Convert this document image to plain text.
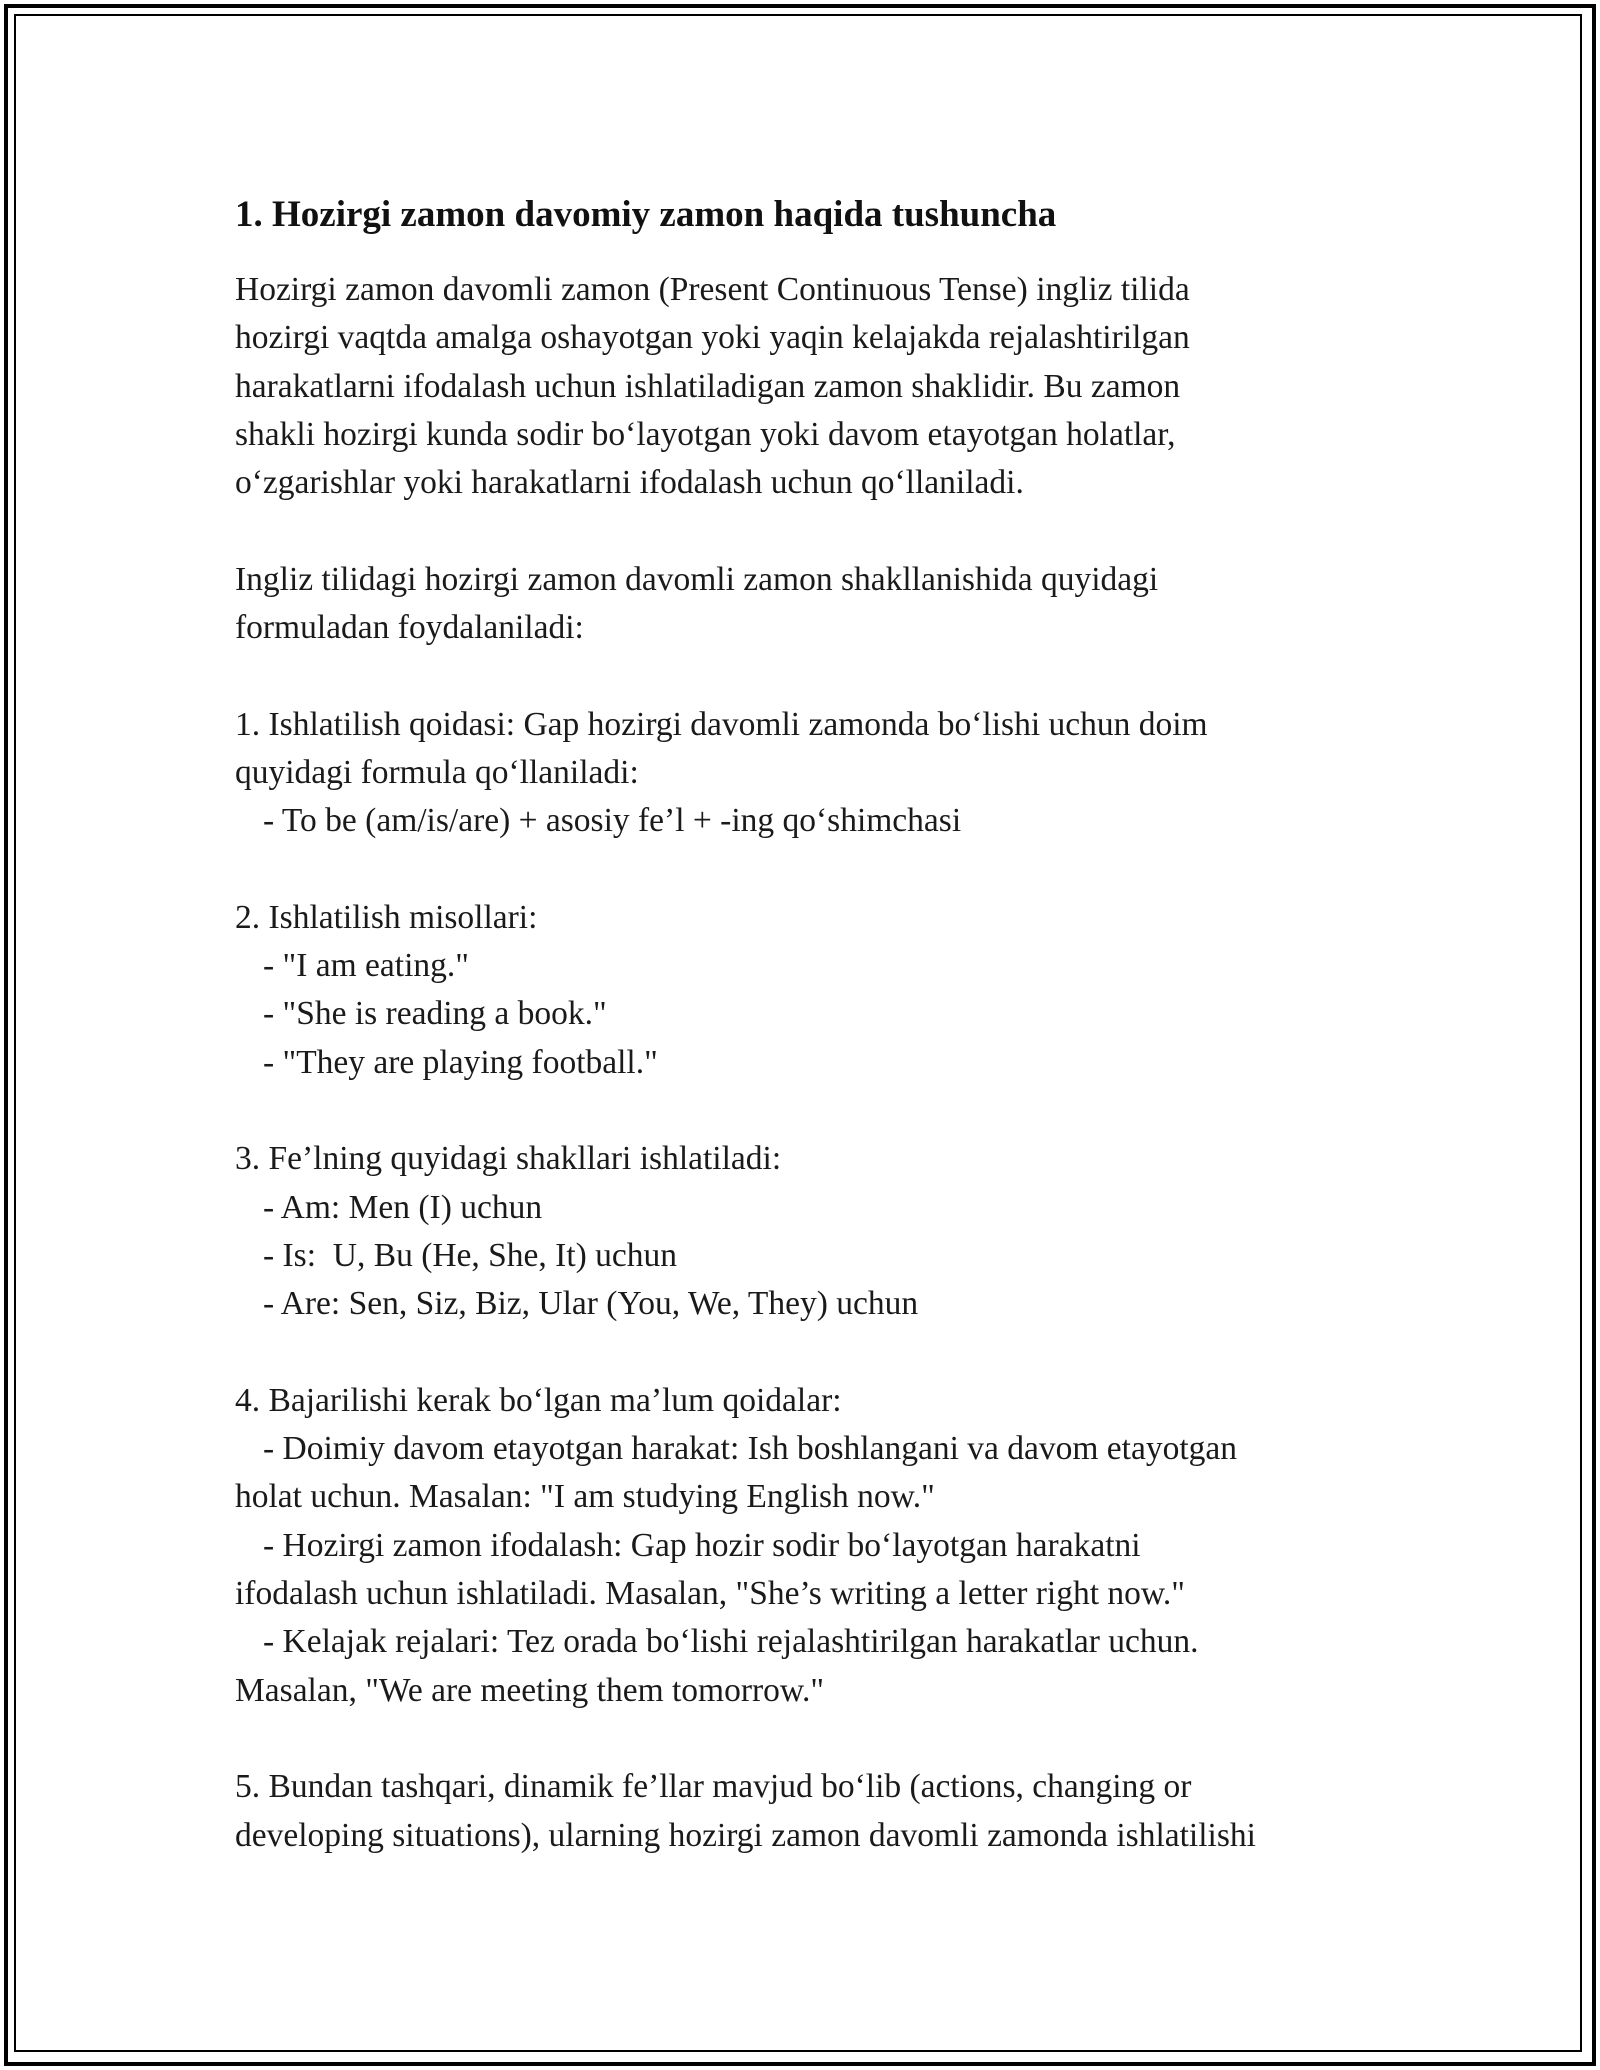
1. Hozirgi zamon davomiy zamon haqida tushuncha

Hozirgi zamon davomli zamon (Present Continuous Tense) ingliz tilida

hozirgi vaqtda amalga oshayotgan yoki yaqin kelajakda rejalashtirilgan

harakatlarni ifodalash uchun ishlatiladigan zamon shaklidir. Bu zamon

shakli hozirgi kunda sodir bo‘layotgan yoki davom etayotgan holatlar,

o‘zgarishlar yoki harakatlarni ifodalash uchun qo‘llaniladi.

Ingliz tilidagi hozirgi zamon davomli zamon shakllanishida quyidagi

formuladan foydalaniladi:

1. Ishlatilish qoidasi: Gap hozirgi davomli zamonda bo‘lishi uchun doim

quyidagi formula qo‘llaniladi:

- To be (am/is/are) + asosiy fe’l + -ing qo‘shimchasi

2. Ishlatilish misollari:

- "I am eating."

- "She is reading a book."

- "They are playing football."

3. Fe’lning quyidagi shakllari ishlatiladi:

- Am: Men (I) uchun

- Is:  U, Bu (He, She, It) uchun

- Are: Sen, Siz, Biz, Ular (You, We, They) uchun

4. Bajarilishi kerak bo‘lgan ma’lum qoidalar:

- Doimiy davom etayotgan harakat: Ish boshlangani va davom etayotgan

holat uchun. Masalan: "I am studying English now."

- Hozirgi zamon ifodalash: Gap hozir sodir bo‘layotgan harakatni

ifodalash uchun ishlatiladi. Masalan, "She’s writing a letter right now."

- Kelajak rejalari: Tez orada bo‘lishi rejalashtirilgan harakatlar uchun.

Masalan, "We are meeting them tomorrow."

5. Bundan tashqari, dinamik fe’llar mavjud bo‘lib (actions, changing or

developing situations), ularning hozirgi zamon davomli zamonda ishlatilishi
